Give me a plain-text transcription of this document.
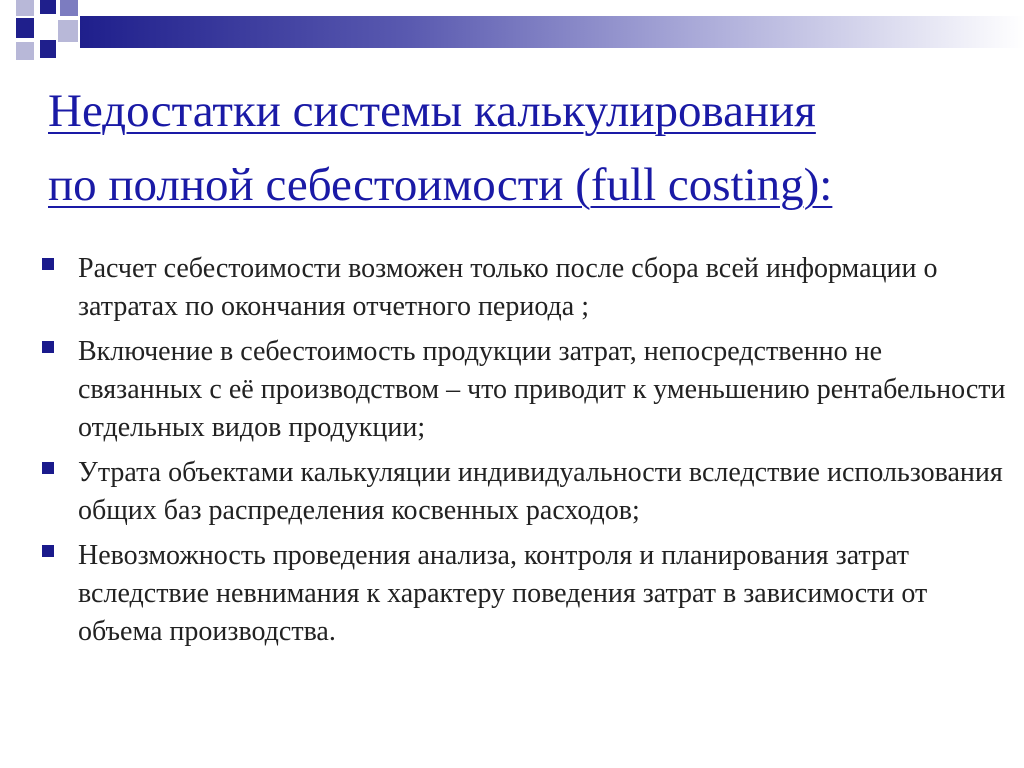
Недостатки системы калькулирования
по полной себестоимости (full costing):
Расчет себестоимости возможен только после сбора всей информации о затратах по окончания отчетного периода ;
Включение в себестоимость продукции затрат, непосредственно не связанных с её производством – что приводит к уменьшению рентабельности отдельных видов продукции;
Утрата объектами калькуляции индивидуальности вследствие использования общих баз распределения косвенных расходов;
Невозможность проведения анализа, контроля и планирования затрат вследствие невнимания к характеру поведения затрат в зависимости от объема производства.
